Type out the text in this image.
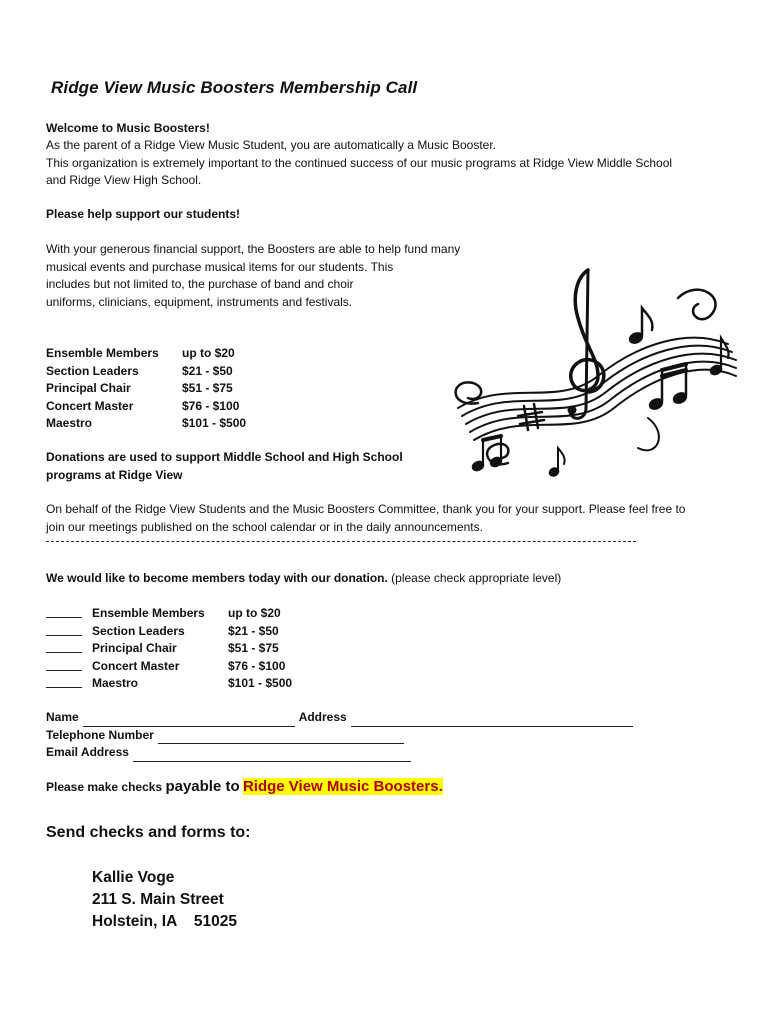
Ridge View Music Boosters Membership Call
Welcome to Music Boosters!
As the parent of a Ridge View Music Student, you are automatically a Music Booster.
This organization is extremely important to the continued success of our music programs at Ridge View Middle School
and Ridge View High School.
Please help support our students!
With your generous financial support, the Boosters are able to help fund many
musical events and purchase musical items for our students. This
includes but not limited to, the purchase of band and choir
uniforms, clinicians, equipment, instruments and festivals.
Ensemble Members	up to $20
Section Leaders	$21 - $50
Principal Chair	$51 - $75
Concert Master	$76 - $100
Maestro	$101 - $500
Donations are used to support Middle School and High School
programs at Ridge View
On behalf of the Ridge View Students and the Music Boosters Committee, thank you for your support. Please feel free to
join our meetings published on the school calendar or in the daily announcements.
We would like to become members today with our donation. (please check appropriate level)
Ensemble Members	up to $20
Section Leaders	$21 - $50
Principal Chair	$51 - $75
Concert Master	$76 - $100
Maestro	$101 - $500
Name	Address
Telephone Number
Email Address
Please make checks payable to Ridge View Music Boosters.
Send checks and forms to:
Kallie Voge
211 S. Main Street
Holstein, IA    51025
